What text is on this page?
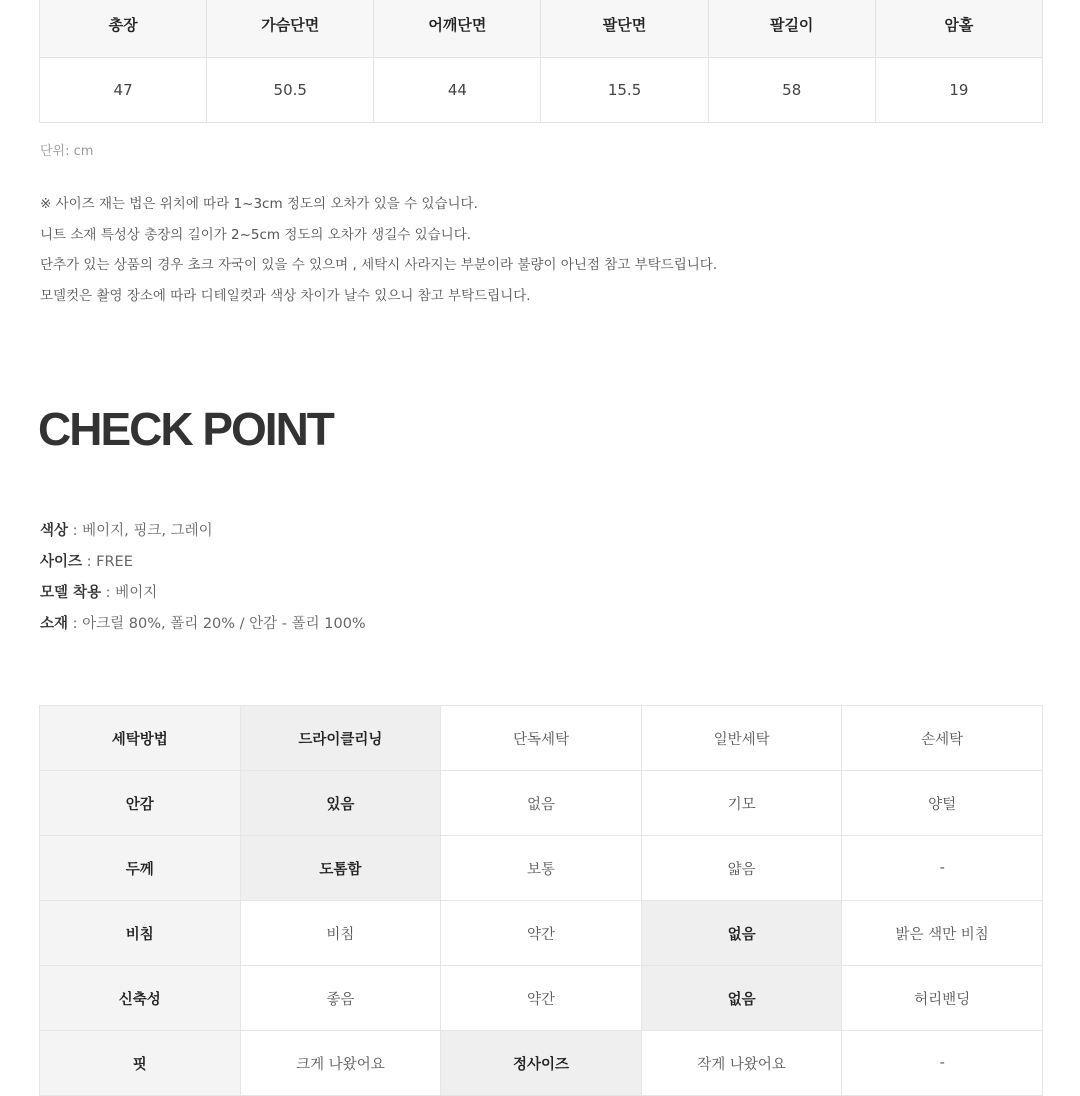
총장	가슴단면	어깨단면	팔단면	팔길이	암홀
47	50.5	44	15.5	58	19
단위: cm
※ 사이즈 재는 법은 위치에 따라 1~3cm 정도의 오차가 있을 수 있습니다.
니트 소재 특성상 총장의 길이가 2~5cm 정도의 오차가 생길수 있습니다.
단추가 있는 상품의 경우 초크 자국이 있을 수 있으며 , 세탁시 사라지는 부분이라 불량이 아닌점 참고 부탁드립니다.
모델컷은 촬영 장소에 따라 디테일컷과 색상 차이가 날수 있으니 참고 부탁드립니다.
CHECK POINT
색상 : 베이지, 핑크, 그레이
사이즈 : FREE
모델 착용 : 베이지
소재 : 아크릴 80%, 폴리 20% / 안감 - 폴리 100%
세탁방법	드라이클리닝	단독세탁	일반세탁	손세탁
안감	있음	없음	기모	양털
두께	도톰함	보통	얇음	-
비침	비침	약간	없음	밝은 색만 비침
신축성	좋음	약간	없음	허리밴딩
핏	크게 나왔어요	정사이즈	작게 나왔어요	-
